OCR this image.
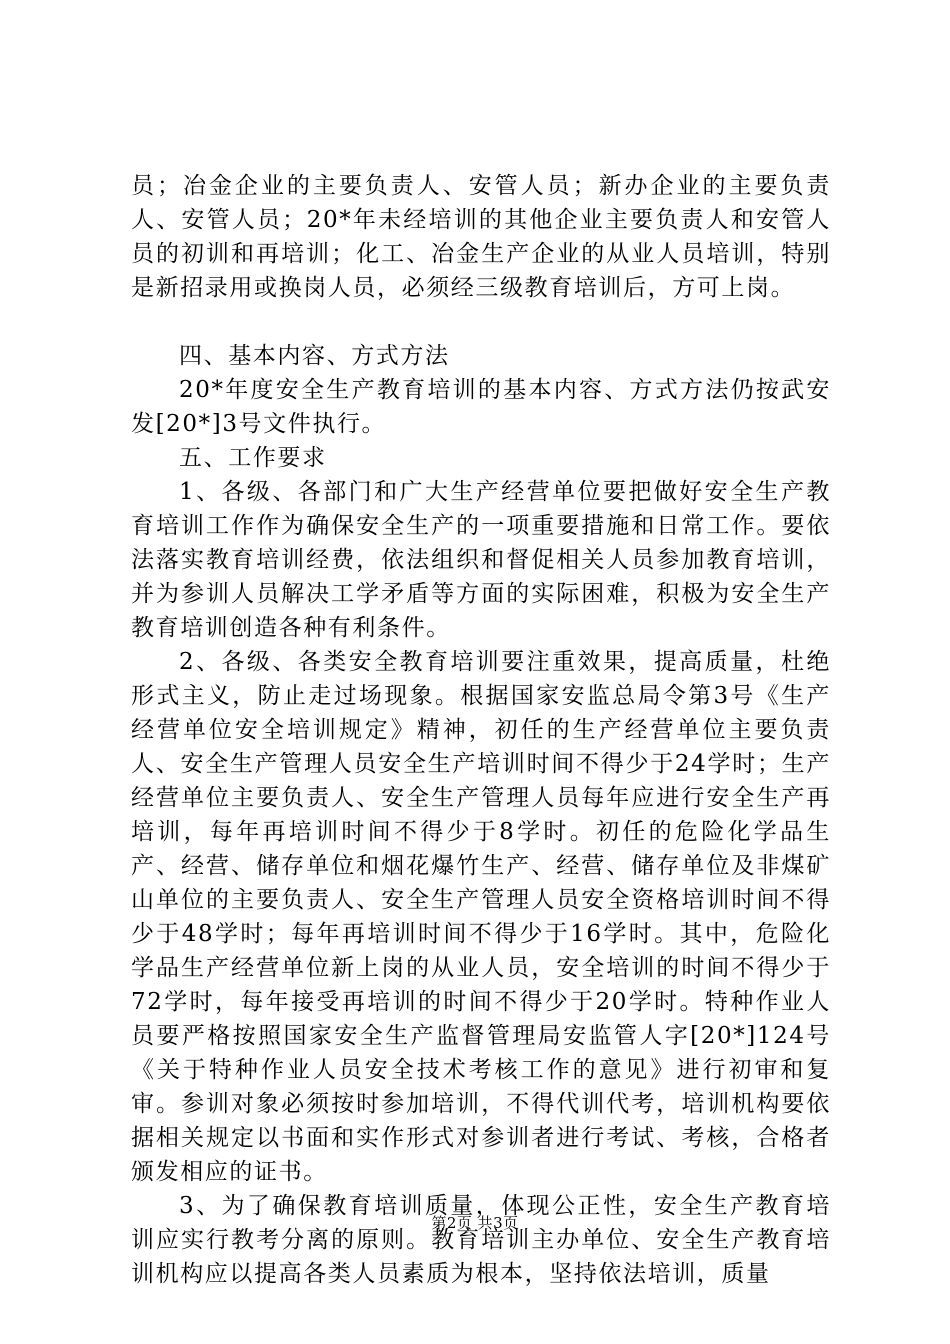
员；冶金企业的主要负责人、安管人员；新办企业的主要负责人、安管人员；20*年未经培训的其他企业主要负责人和安管人员的初训和再培训；化工、冶金生产企业的从业人员培训，特别是新招录用或换岗人员，必须经三级教育培训后，方可上岗。

四、基本内容、方式方法

20*年度安全生产教育培训的基本内容、方式方法仍按武安发[20*]3号文件执行。

五、工作要求

1、各级、各部门和广大生产经营单位要把做好安全生产教育培训工作作为确保安全生产的一项重要措施和日常工作。要依法落实教育培训经费，依法组织和督促相关人员参加教育培训，并为参训人员解决工学矛盾等方面的实际困难，积极为安全生产教育培训创造各种有利条件。

2、各级、各类安全教育培训要注重效果，提高质量，杜绝形式主义，防止走过场现象。根据国家安监总局令第3号《生产经营单位安全培训规定》精神，初任的生产经营单位主要负责人、安全生产管理人员安全生产培训时间不得少于24学时；生产经营单位主要负责人、安全生产管理人员每年应进行安全生产再培训，每年再培训时间不得少于8学时。初任的危险化学品生产、经营、储存单位和烟花爆竹生产、经营、储存单位及非煤矿山单位的主要负责人、安全生产管理人员安全资格培训时间不得少于48学时；每年再培训时间不得少于16学时。其中，危险化学品生产经营单位新上岗的从业人员，安全培训的时间不得少于72学时，每年接受再培训的时间不得少于20学时。特种作业人员要严格按照国家安全生产监督管理局安监管人字[20*]124号《关于特种作业人员安全技术考核工作的意见》进行初审和复审。参训对象必须按时参加培训，不得代训代考，培训机构要依据相关规定以书面和实作形式对参训者进行考试、考核，合格者颁发相应的证书。

3、为了确保教育培训质量，体现公正性，安全生产教育培训应实行教考分离的原则。教育培训主办单位、安全生产教育培训机构应以提高各类人员素质为根本，坚持依法培训，质量

第2页 共3页
